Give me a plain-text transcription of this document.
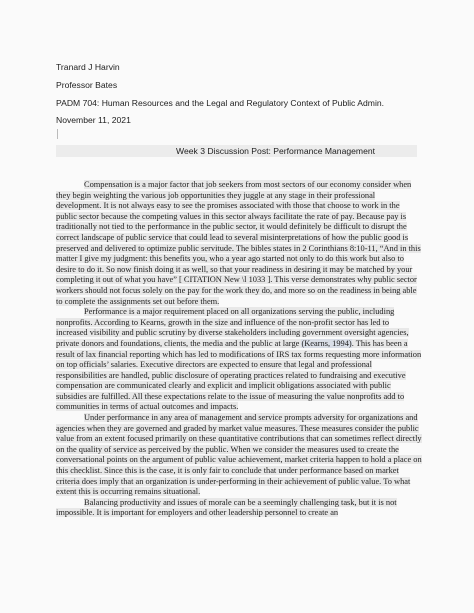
Tranard J Harvin
Professor Bates
PADM 704: Human Resources and the Legal and Regulatory Context of Public Admin.
November 11, 2021
Week 3 Discussion Post: Performance Management

Compensation is a major factor that job seekers from most sectors of our economy consider when they begin weighting the various job opportunities they juggle at any stage in their professional development. It is not always easy to see the promises associated with those that choose to work in the public sector because the competing values in this sector always facilitate the rate of pay. Because pay is traditionally not tied to the performance in the public sector, it would definitely be difficult to disrupt the correct landscape of public service that could lead to several misinterpretations of how the public good is preserved and delivered to optimize public servitude. The bibles states in 2 Corinthians 8:10-11, “And in this matter I give my judgment: this benefits you, who a year ago started not only to do this work but also to desire to do it. So now finish doing it as well, so that your readiness in desiring it may be matched by your completing it out of what you have” [ CITATION New \l 1033 ]. This verse demonstrates why public sector workers should not focus solely on the pay for the work they do, and more so on the readiness in being able to complete the assignments set out before them.

Performance is a major requirement placed on all organizations serving the public, including nonprofits. According to Kearns, growth in the size and influence of the non-profit sector has led to increased visibility and public scrutiny by diverse stakeholders including government oversight agencies, private donors and foundations, clients, the media and the public at large (Kearns, 1994). This has been a result of lax financial reporting which has led to modifications of IRS tax forms requesting more information on top officials’ salaries. Executive directors are expected to ensure that legal and professional responsibilities are handled, public disclosure of operating practices related to fundraising and executive compensation are communicated clearly and explicit and implicit obligations associated with public subsidies are fulfilled. All these expectations relate to the issue of measuring the value nonprofits add to communities in terms of actual outcomes and impacts.

Under performance in any area of management and service prompts adversity for organizations and agencies when they are governed and graded by market value measures. These measures consider the public value from an extent focused primarily on these quantitative contributions that can sometimes reflect directly on the quality of service as perceived by the public. When we consider the measures used to create the conversational points on the argument of public value achievement, market criteria happen to hold a place on this checklist. Since this is the case, it is only fair to conclude that under performance based on market criteria does imply that an organization is under-performing in their achievement of public value. To what extent this is occurring remains situational.

Balancing productivity and issues of morale can be a seemingly challenging task, but it is not impossible. It is important for employers and other leadership personnel to create an
